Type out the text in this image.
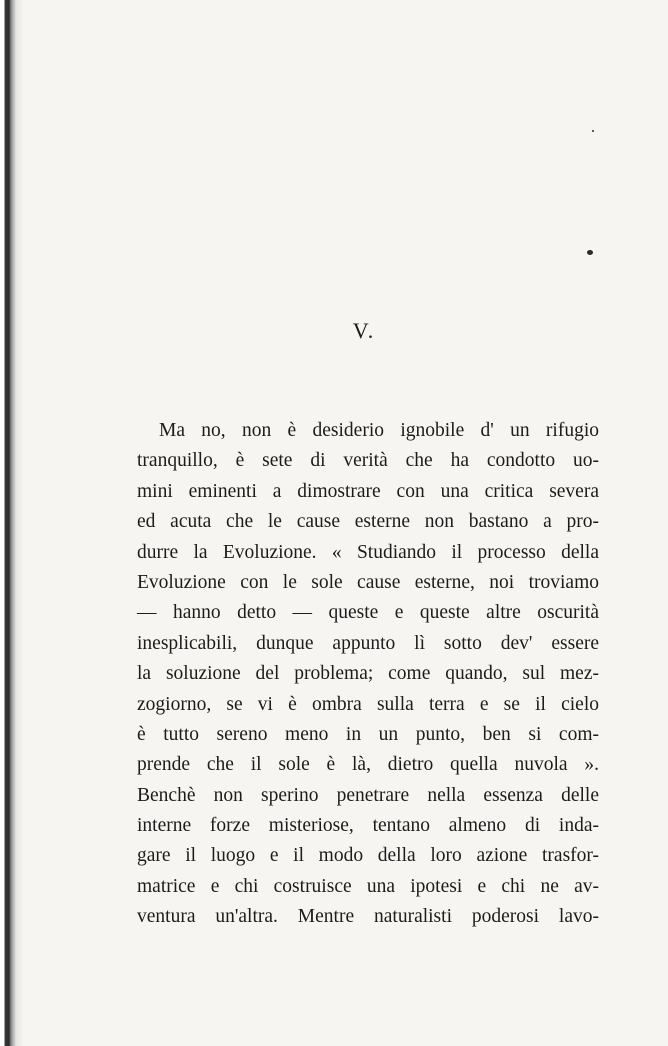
V.
Ma no, non è desiderio ignobile d' un rifugio
tranquillo, è sete di verità che ha condotto uo-
mini eminenti a dimostrare con una critica severa
ed acuta che le cause esterne non bastano a pro-
durre la Evoluzione. « Studiando il processo della
Evoluzione con le sole cause esterne, noi troviamo
— hanno detto — queste e queste altre oscurità
inesplicabili, dunque appunto lì sotto dev' essere
la soluzione del problema; come quando, sul mez-
zogiorno, se vi è ombra sulla terra e se il cielo
è tutto sereno meno in un punto, ben si com-
prende che il sole è là, dietro quella nuvola ».
Benchè non sperino penetrare nella essenza delle
interne forze misteriose, tentano almeno di inda-
gare il luogo e il modo della loro azione trasfor-
matrice e chi costruisce una ipotesi e chi ne av-
ventura un'altra. Mentre naturalisti poderosi lavo-
